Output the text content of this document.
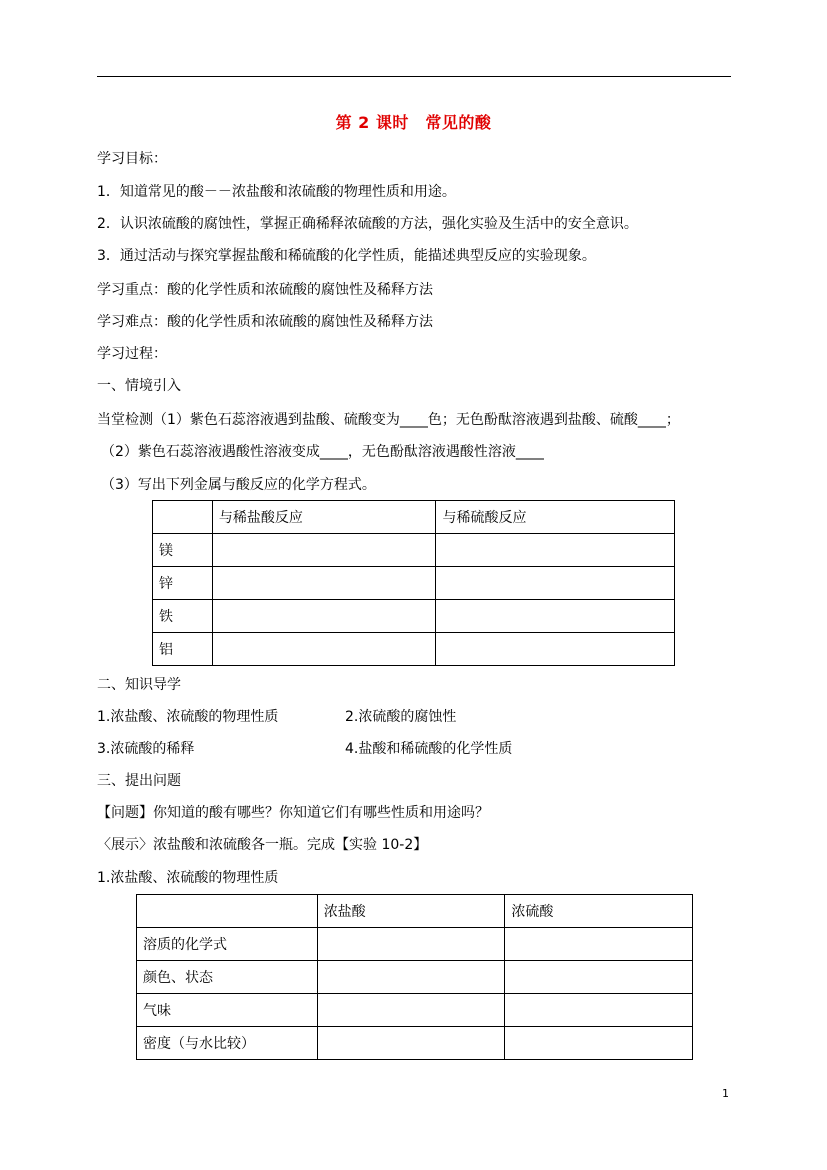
第 2 课时　常见的酸
学习目标：
1．知道常见的酸－－浓盐酸和浓硫酸的物理性质和用途。
2．认识浓硫酸的腐蚀性，掌握正确稀释浓硫酸的方法，强化实验及生活中的安全意识。
3．通过活动与探究掌握盐酸和稀硫酸的化学性质，能描述典型反应的实验现象。
学习重点：酸的化学性质和浓硫酸的腐蚀性及稀释方法
学习难点：酸的化学性质和浓硫酸的腐蚀性及稀释方法
学习过程：
一、情境引入
当堂检测（1）紫色石蕊溶液遇到盐酸、硫酸变为____色；无色酚酞溶液遇到盐酸、硫酸____；
（2）紫色石蕊溶液遇酸性溶液变成____，无色酚酞溶液遇酸性溶液____
（3）写出下列金属与酸反应的化学方程式。
	与稀盐酸反应	与稀硫酸反应
镁		
锌		
铁		
铝		
二、知识导学
1.浓盐酸、浓硫酸的物理性质	2.浓硫酸的腐蚀性
3.浓硫酸的稀释	4.盐酸和稀硫酸的化学性质
三、提出问题
【问题】你知道的酸有哪些？你知道它们有哪些性质和用途吗？
〈展示〉浓盐酸和浓硫酸各一瓶。完成【实验 10-2】
1.浓盐酸、浓硫酸的物理性质
	浓盐酸	浓硫酸
溶质的化学式		
颜色、状态		
气味		
密度（与水比较）		
1
